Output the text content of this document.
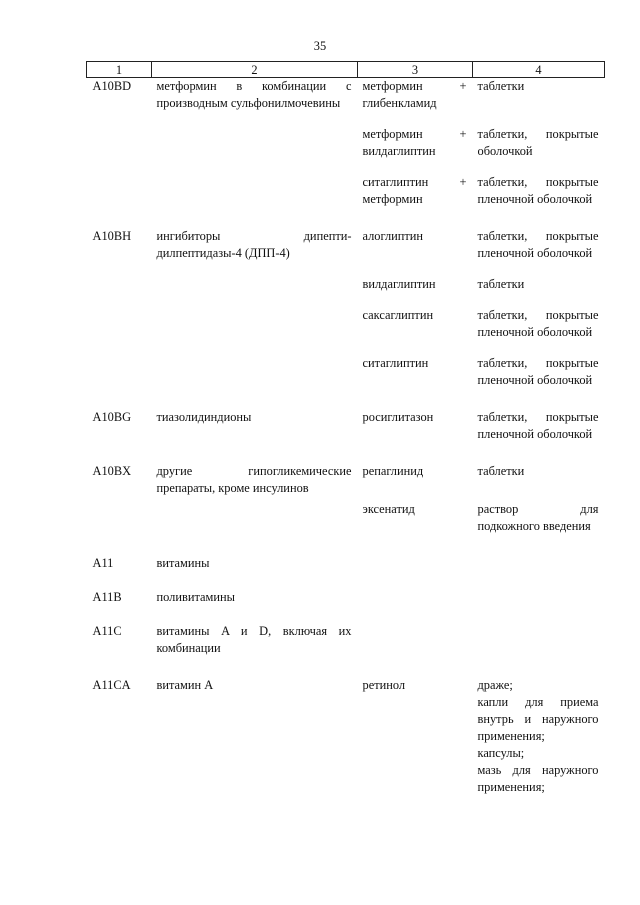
35
1	2	3	4
A10BD	метформин в комбинации с производным сульфонилмочевины	метформин + глибенкламид	таблетки

		метформин + вилдаглиптин	таблетки, покрытые оболочкой

		ситаглиптин + метформин	таблетки, покрытые пленочной оболочкой

A10BH	ингибиторы дипепти-дилпептидазы-4 (ДПП-4)	алоглиптин	таблетки, покрытые пленочной оболочкой

		вилдаглиптин	таблетки

		саксаглиптин	таблетки, покрытые пленочной оболочкой

		ситаглиптин	таблетки, покрытые пленочной оболочкой

A10BG	тиазолидиндионы	росиглитазон	таблетки, покрытые пленочной оболочкой

A10BX	другие гипогликемические препараты, кроме инсулинов	репаглинид	таблетки

		эксенатид	раствор для подкожного введения

A11	витамины		
A11B	поливитамины		
A11C	витамины A и D, включая их комбинации		
A11CA	витамин A	ретинол	драже;
капли для приема внутрь и наружного применения;
капсулы;
мазь для наружного применения;
